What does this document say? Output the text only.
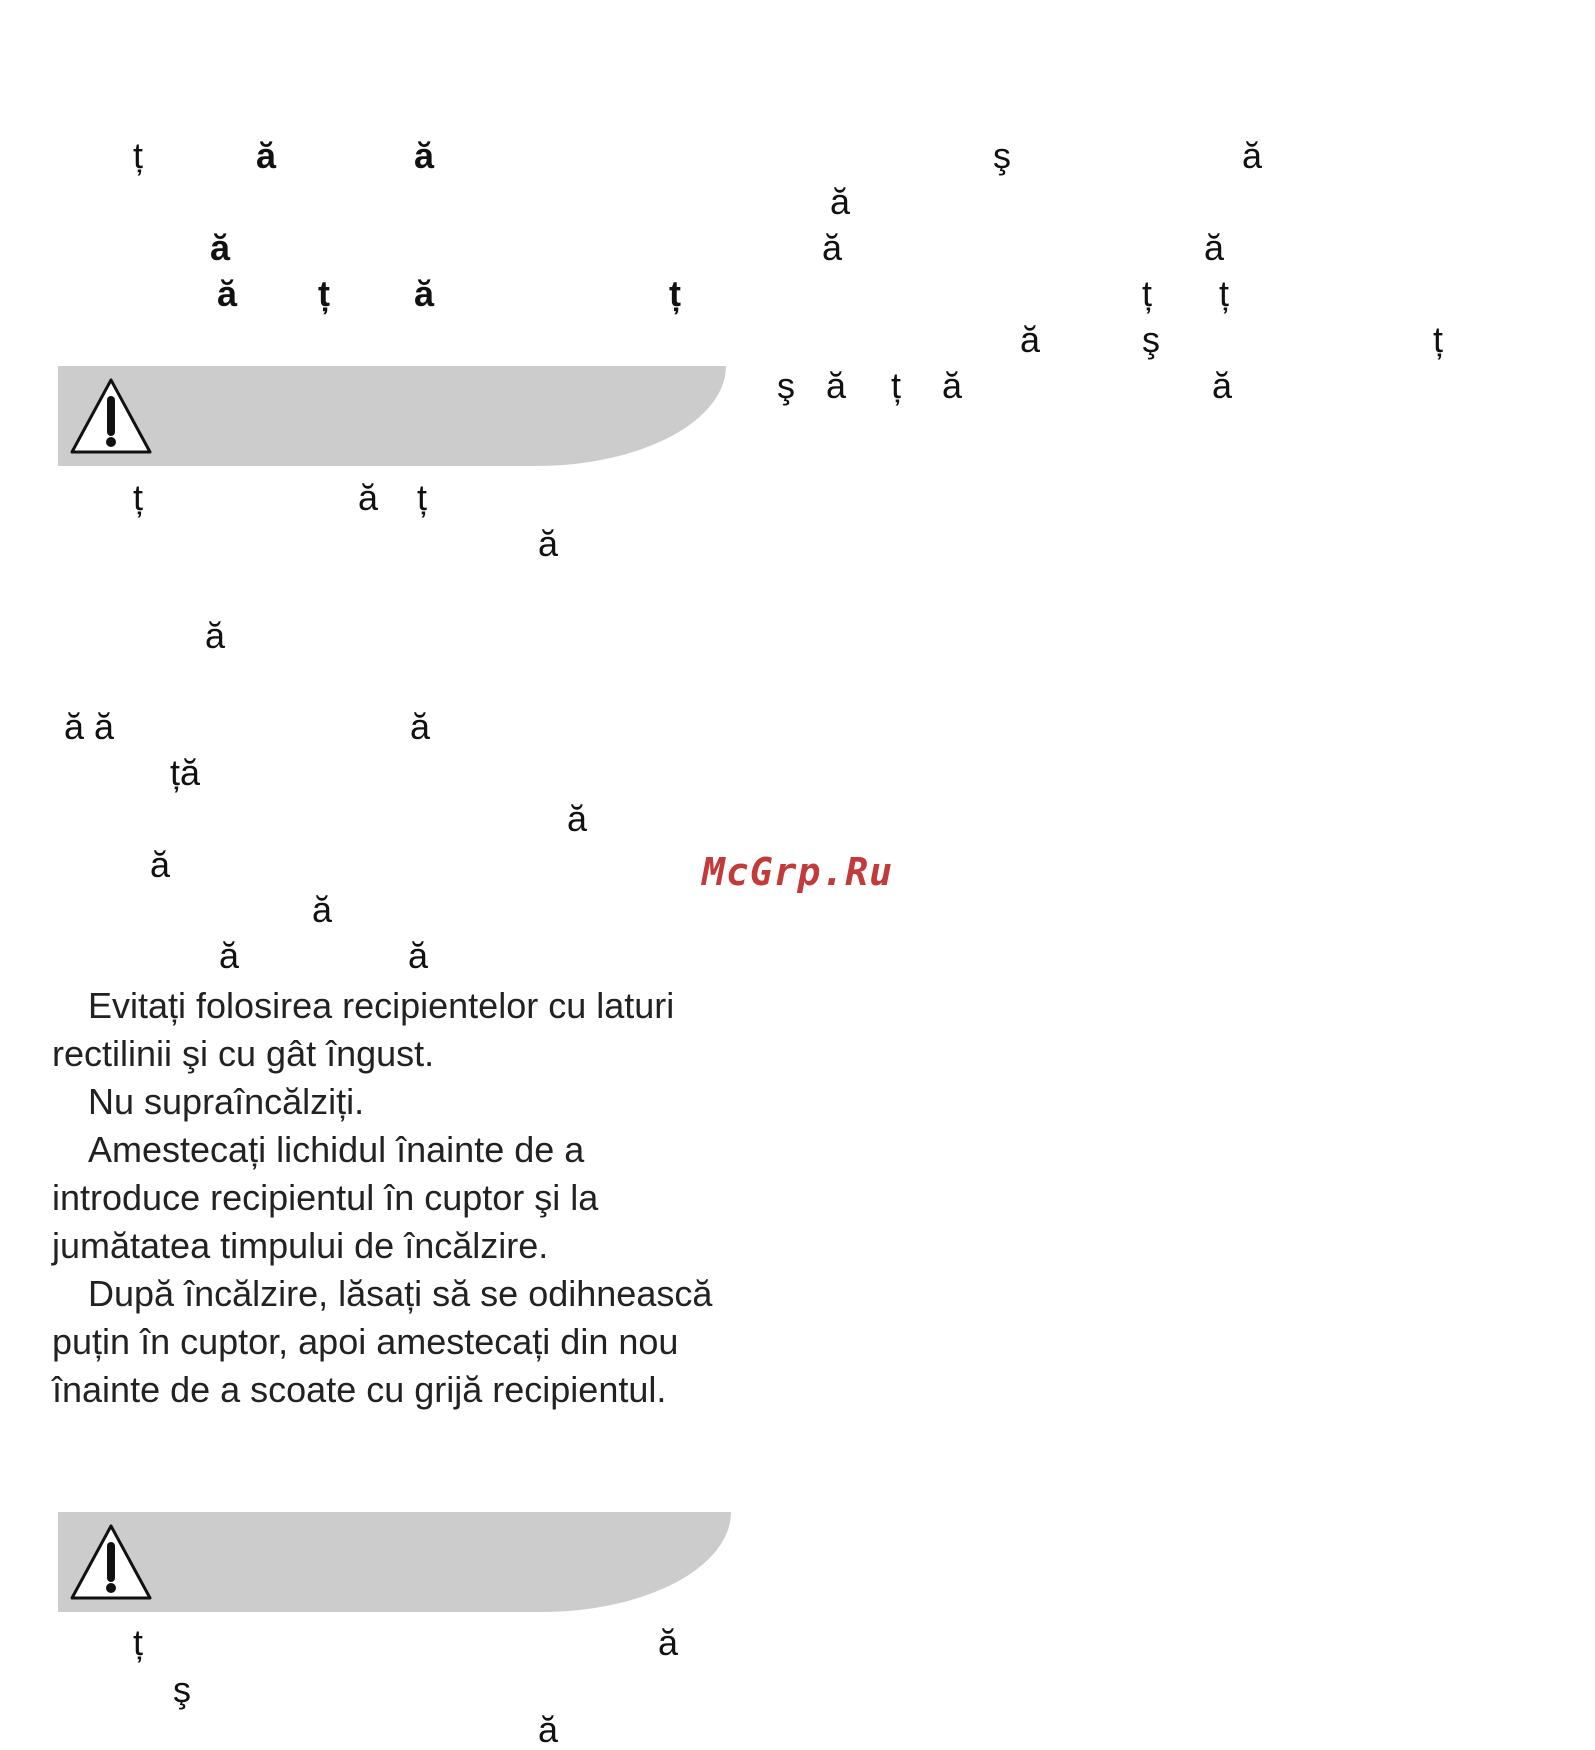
ț	ă	ă
ă
ă ț ă	ț
ț	ă ț
ă
ă
ă ă	ă
ță
ă
ă
ă
ă	ă

Evitați folosirea recipientelor cu laturi rectilinii şi cu gât îngust.

Nu supraîncălziți.

Amestecați lichidul înainte de a introduce recipientul în cuptor şi la jumătatea timpului de încălzire.

După încălzire, lăsați să se odihnească puțin în cuptor, apoi amestecați din nou înainte de a scoate cu grijă recipientul.

ț	ă
ş
ă
ş	ă
ă
ă	ă
ț ț
ă	ş	ț
ş ă ț ă	ă
McGrp.Ru
